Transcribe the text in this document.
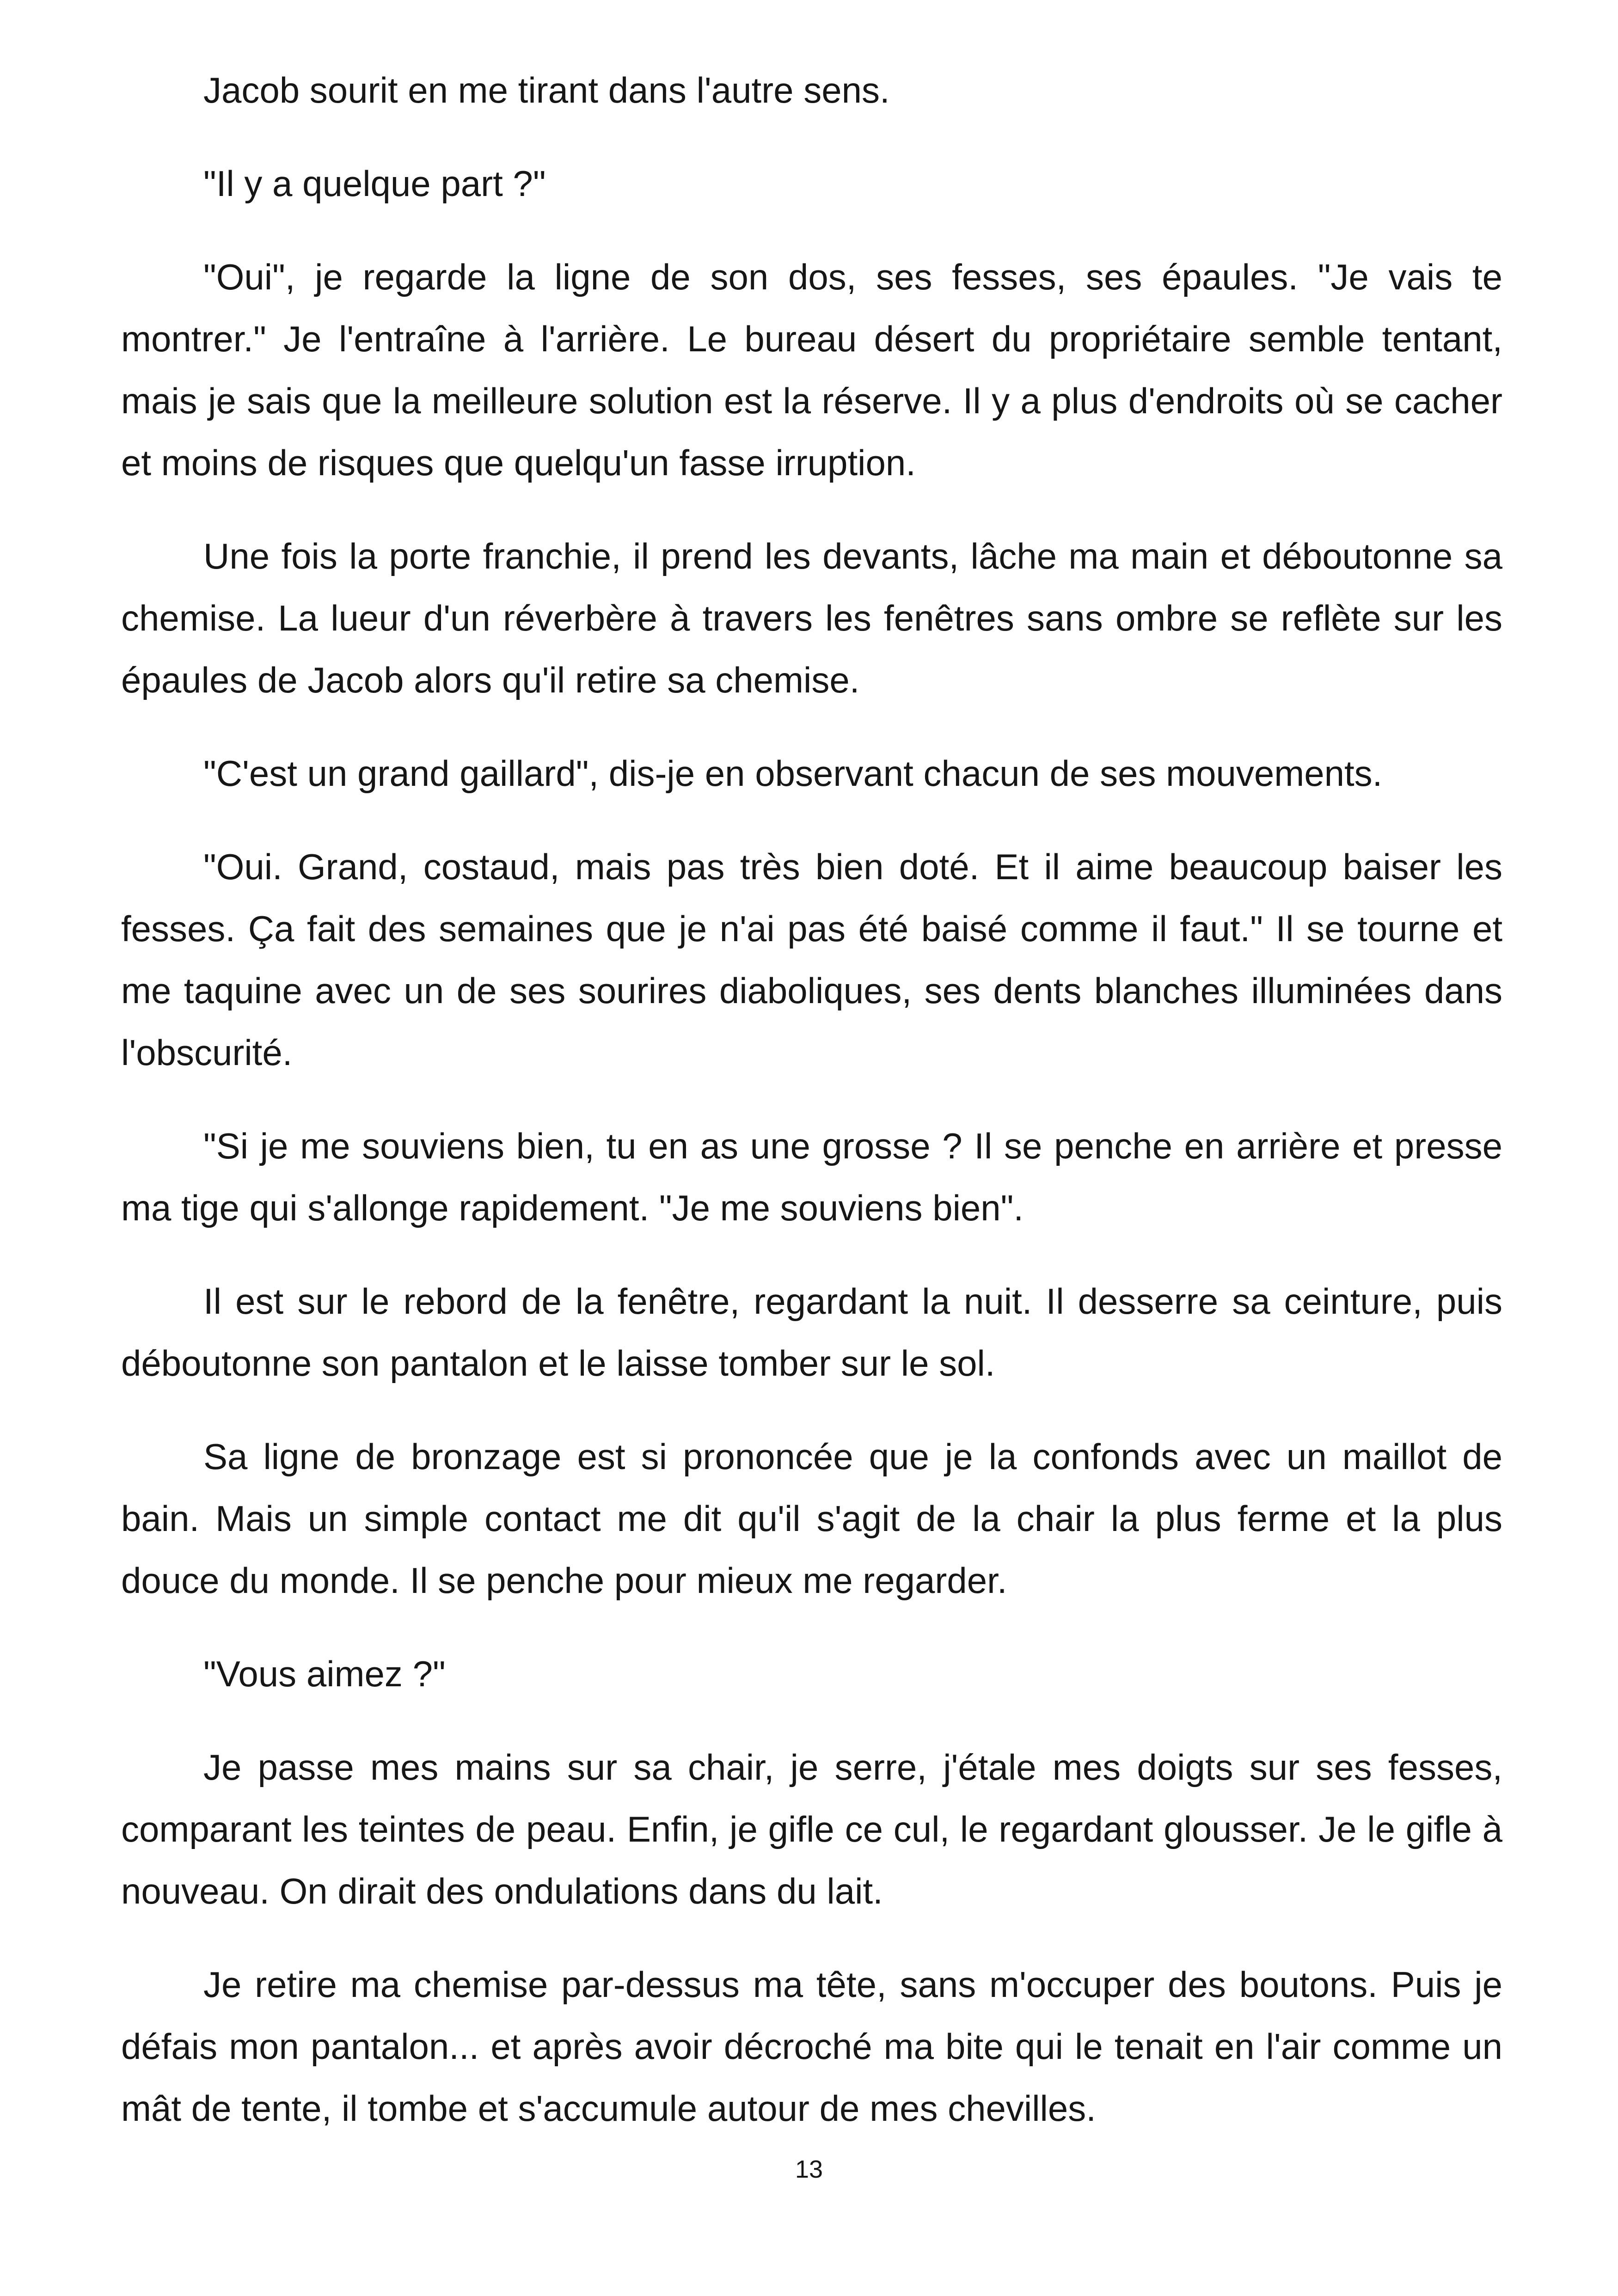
Jacob sourit en me tirant dans l'autre sens.

"Il y a quelque part ?"

"Oui", je regarde la ligne de son dos, ses fesses, ses épaules. "Je vais te montrer." Je l'entraîne à l'arrière. Le bureau désert du propriétaire semble tentant, mais je sais que la meilleure solution est la réserve. Il y a plus d'endroits où se cacher et moins de risques que quelqu'un fasse irruption.

Une fois la porte franchie, il prend les devants, lâche ma main et déboutonne sa chemise. La lueur d'un réverbère à travers les fenêtres sans ombre se reflète sur les épaules de Jacob alors qu'il retire sa chemise.

"C'est un grand gaillard", dis-je en observant chacun de ses mouvements.

"Oui. Grand, costaud, mais pas très bien doté. Et il aime beaucoup baiser les fesses. Ça fait des semaines que je n'ai pas été baisé comme il faut." Il se tourne et me taquine avec un de ses sourires diaboliques, ses dents blanches illuminées dans l'obscurité.

"Si je me souviens bien, tu en as une grosse ? Il se penche en arrière et presse ma tige qui s'allonge rapidement. "Je me souviens bien".

Il est sur le rebord de la fenêtre, regardant la nuit. Il desserre sa ceinture, puis déboutonne son pantalon et le laisse tomber sur le sol.

Sa ligne de bronzage est si prononcée que je la confonds avec un maillot de bain. Mais un simple contact me dit qu'il s'agit de la chair la plus ferme et la plus douce du monde. Il se penche pour mieux me regarder.

"Vous aimez ?"

Je passe mes mains sur sa chair, je serre, j'étale mes doigts sur ses fesses, comparant les teintes de peau. Enfin, je gifle ce cul, le regardant glousser. Je le gifle à nouveau. On dirait des ondulations dans du lait.

Je retire ma chemise par-dessus ma tête, sans m'occuper des boutons. Puis je défais mon pantalon... et après avoir décroché ma bite qui le tenait en l'air comme un mât de tente, il tombe et s'accumule autour de mes chevilles.

13
